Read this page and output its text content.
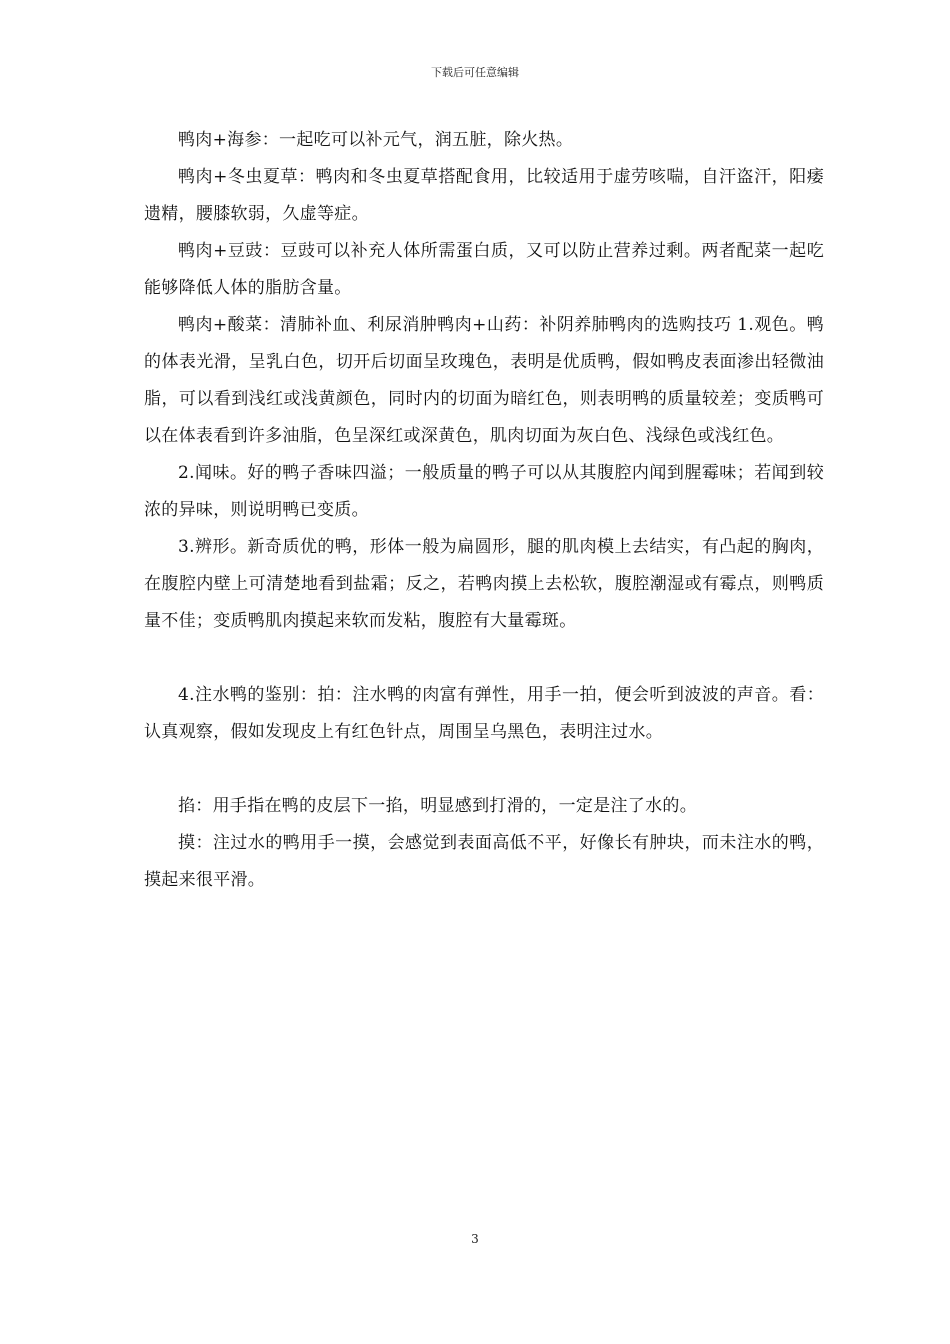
下载后可任意编辑

鸭肉+海参：一起吃可以补元气，润五脏，除火热。

鸭肉+冬虫夏草：鸭肉和冬虫夏草搭配食用，比较适用于虚劳咳喘，自汗盗汗，阳痿遗精，腰膝软弱，久虚等症。

鸭肉+豆豉：豆豉可以补充人体所需蛋白质，又可以防止营养过剩。两者配菜一起吃能够降低人体的脂肪含量。

鸭肉+酸菜：清肺补血、利尿消肿鸭肉+山药：补阴养肺鸭肉的选购技巧 1.观色。鸭的体表光滑，呈乳白色，切开后切面呈玫瑰色，表明是优质鸭，假如鸭皮表面渗出轻微油脂，可以看到浅红或浅黄颜色，同时内的切面为暗红色，则表明鸭的质量较差；变质鸭可以在体表看到许多油脂，色呈深红或深黄色，肌肉切面为灰白色、浅绿色或浅红色。

2.闻味。好的鸭子香味四溢；一般质量的鸭子可以从其腹腔内闻到腥霉味；若闻到较浓的异味，则说明鸭已变质。

3.辨形。新奇质优的鸭，形体一般为扁圆形，腿的肌肉模上去结实，有凸起的胸肉，在腹腔内壁上可清楚地看到盐霜；反之，若鸭肉摸上去松软，腹腔潮湿或有霉点，则鸭质量不佳；变质鸭肌肉摸起来软而发粘，腹腔有大量霉斑。

4.注水鸭的鉴别：拍：注水鸭的肉富有弹性，用手一拍，便会听到波波的声音。看：认真观察，假如发现皮上有红色针点，周围呈乌黑色，表明注过水。

掐：用手指在鸭的皮层下一掐，明显感到打滑的，一定是注了水的。

摸：注过水的鸭用手一摸，会感觉到表面高低不平，好像长有肿块，而未注水的鸭，摸起来很平滑。

3
